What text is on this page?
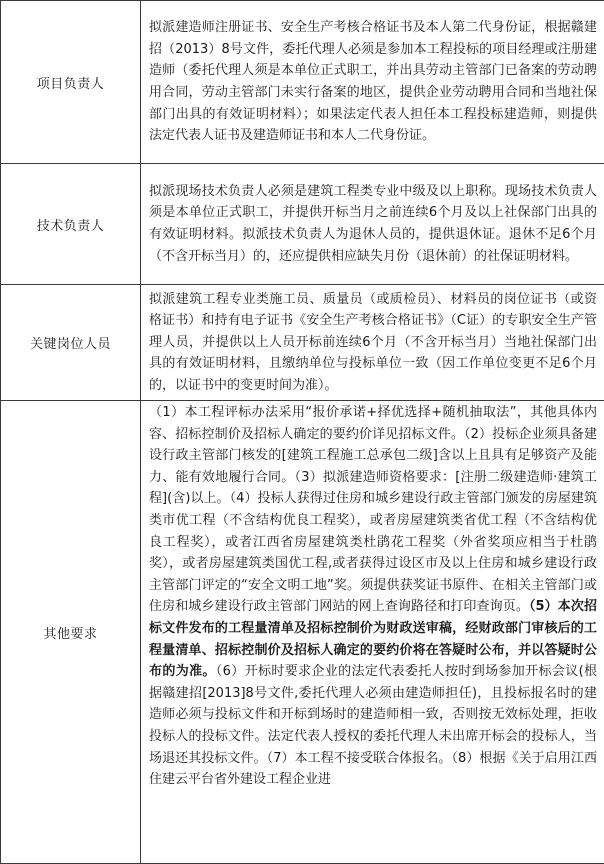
项目负责人	拟派建造师注册证书、安全生产考核合格证书及本人第二代身份证，根据赣建招（2013）8号文件，委托代理人必须是参加本工程投标的项目经理或注册建造师（委托代理人须是本单位正式职工，并出具劳动主管部门已备案的劳动聘用合同，劳动主管部门未实行备案的地区，提供企业劳动聘用合同和当地社保部门出具的有效证明材料）；如果法定代表人担任本工程投标建造师，则提供法定代表人证书及建造师证书和本人二代身份证。
技术负责人	拟派现场技术负责人必须是建筑工程类专业中级及以上职称。现场技术负责人须是本单位正式职工，并提供开标当月之前连续6个月及以上社保部门出具的有效证明材料。拟派技术负责人为退休人员的，提供退休证。退休不足6个月（不含开标当月）的，还应提供相应缺失月份（退休前）的社保证明材料。
关键岗位人员	拟派建筑工程专业类施工员、质量员（或质检员）、材料员的岗位证书（或资格证书）和持有电子证书《安全生产考核合格证书》（C证）的专职安全生产管理人员，并提供以上人员开标前连续6个月（不含开标当月）当地社保部门出具的有效证明材料，且缴纳单位与投标单位一致（因工作单位变更不足6个月的，以证书中的变更时间为准）。
其他要求	（1）本工程评标办法采用“报价承诺+择优选择+随机抽取法”，其他具体内容、招标控制价及招标人确定的要约价详见招标文件。（2）投标企业须具备建设行政主管部门核发的[建筑工程施工总承包二级]含以上且具有足够资产及能力、能有效地履行合同。（3）拟派建造师资格要求：[注册二级建造师·建筑工程](含)以上。（4）投标人获得过住房和城乡建设行政主管部门颁发的房屋建筑类市优工程（不含结构优良工程奖），或者房屋建筑类省优工程（不含结构优良工程奖），或者江西省房屋建筑类杜鹃花工程奖（外省奖项应相当于杜鹃奖），或者房屋建筑类国优工程,或者获得过设区市及以上住房和城乡建设行政主管部门评定的“安全文明工地”奖。须提供获奖证书原件、在相关主管部门或住房和城乡建设行政主管部门网站的网上查询路径和打印查询页。（5）本次招标文件发布的工程量清单及招标控制价为财政送审稿，经财政部门审核后的工程量清单、招标控制价及招标人确定的要约价将在答疑时公布，并以答疑时公布的为准。（6）开标时要求企业的法定代表委托人按时到场参加开标会议(根据赣建招[2013]8号文件,委托代理人必须由建造师担任)，且投标报名时的建造师必须与投标文件和开标到场时的建造师相一致，否则按无效标处理，拒收投标人的投标文件。法定代表人授权的委托代理人未出席开标会的投标人，当场退还其投标文件。（7）本工程不接受联合体报名。（8）根据《关于启用江西住建云平台省外建设工程企业进
